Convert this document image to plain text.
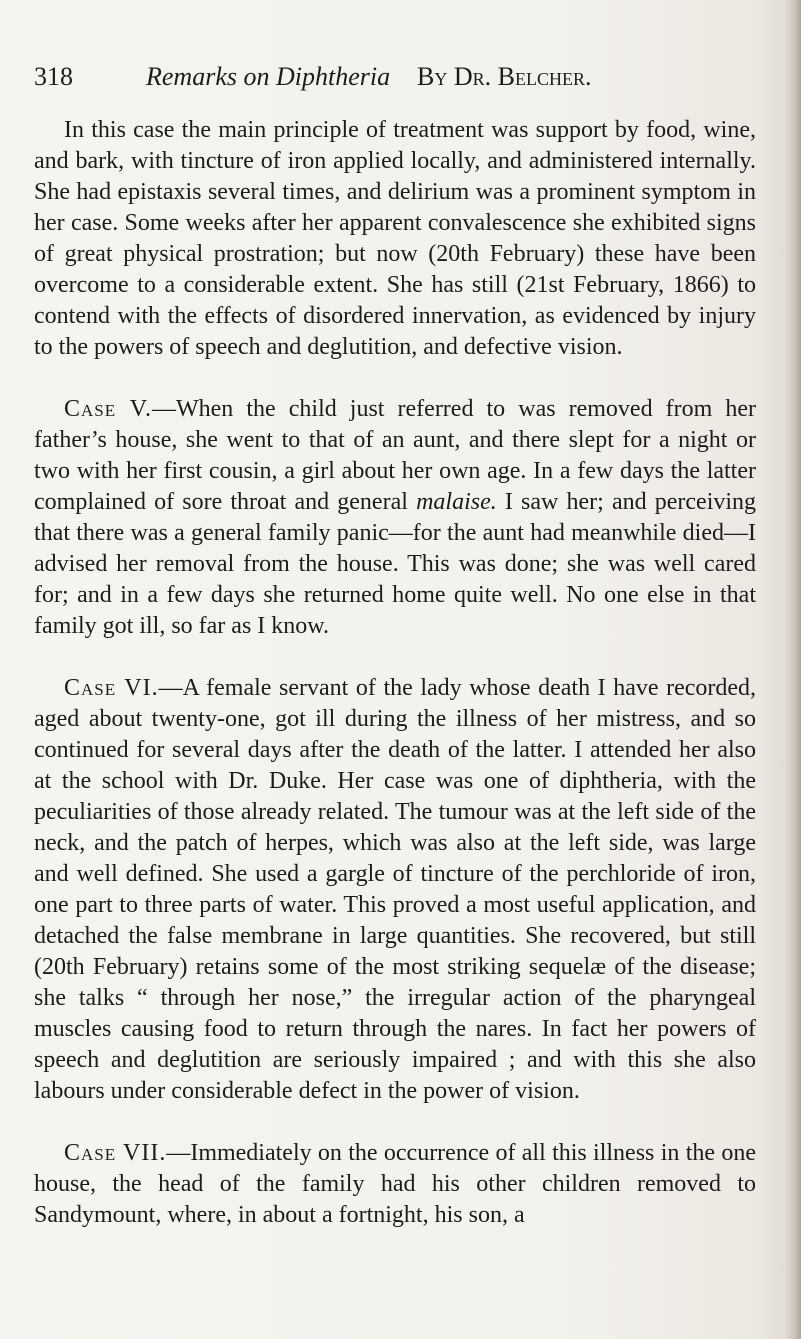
318	Remarks on Diphtheria By Dr. Belcher.

In this case the main principle of treatment was support by food, wine, and bark, with tincture of iron applied locally, and administered internally. She had epistaxis several times, and delirium was a prominent symptom in her case. Some weeks after her apparent convalescence she exhibited signs of great physical prostration; but now (20th February) these have been overcome to a considerable extent. She has still (21st February, 1866) to contend with the effects of disordered innervation, as evidenced by injury to the powers of speech and deglutition, and defective vision.

Case V.—When the child just referred to was removed from her father’s house, she went to that of an aunt, and there slept for a night or two with her first cousin, a girl about her own age. In a few days the latter complained of sore throat and general malaise. I saw her; and perceiving that there was a general family panic—for the aunt had meanwhile died—I advised her removal from the house. This was done; she was well cared for; and in a few days she returned home quite well. No one else in that family got ill, so far as I know.

Case VI.—A female servant of the lady whose death I have recorded, aged about twenty-one, got ill during the illness of her mistress, and so continued for several days after the death of the latter. I attended her also at the school with Dr. Duke. Her case was one of diphtheria, with the peculiarities of those already related. The tumour was at the left side of the neck, and the patch of herpes, which was also at the left side, was large and well defined. She used a gargle of tincture of the perchloride of iron, one part to three parts of water. This proved a most useful application, and detached the false membrane in large quantities. She recovered, but still (20th February) retains some of the most striking sequelæ of the disease; she talks “ through her nose,” the irregular action of the pharyngeal muscles causing food to return through the nares. In fact her powers of speech and deglutition are seriously impaired ; and with this she also labours under considerable defect in the power of vision.

Case VII.—Immediately on the occurrence of all this illness in the one house, the head of the family had his other children removed to Sandymount, where, in about a fortnight, his son, a
